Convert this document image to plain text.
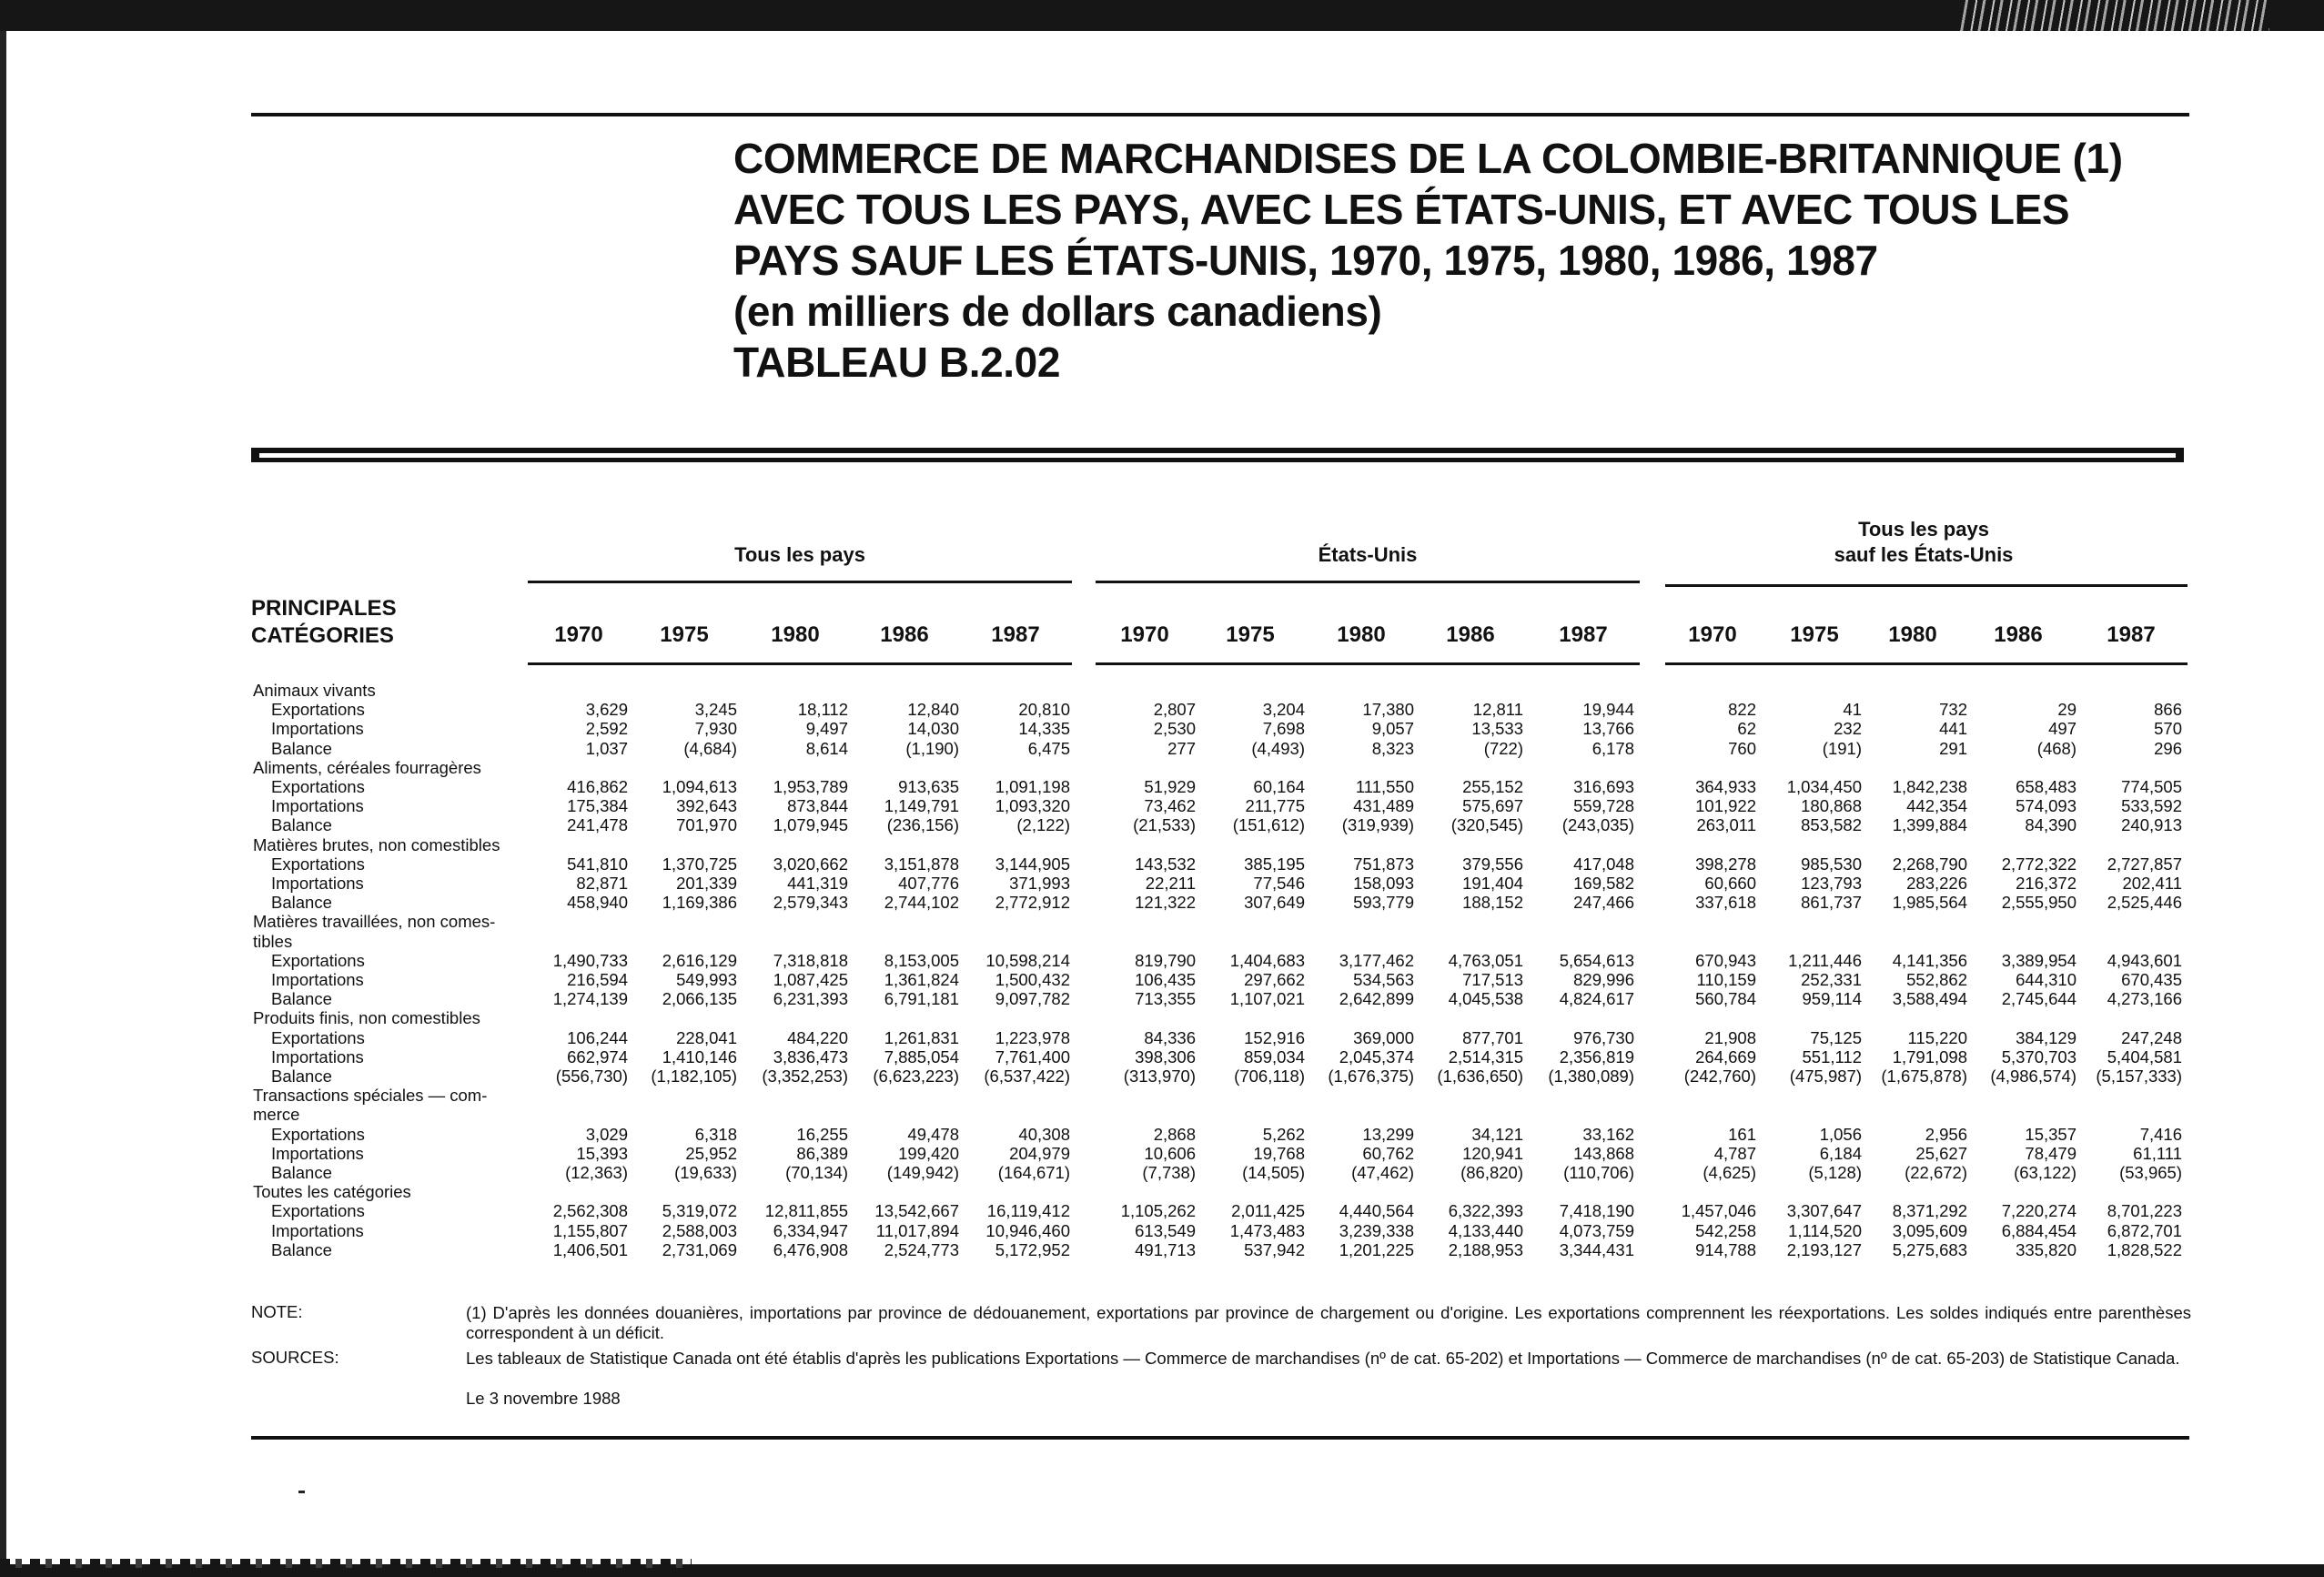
COMMERCE DE MARCHANDISES DE LA COLOMBIE-BRITANNIQUE (1)
AVEC TOUS LES PAYS, AVEC LES ÉTATS-UNIS, ET AVEC TOUS LES
PAYS SAUF LES ÉTATS-UNIS, 1970, 1975, 1980, 1986, 1987
(en milliers de dollars canadiens)
TABLEAU B.2.02
Tous les pays	États-Unis
Tous les pays
sauf les États-Unis
PRINCIPALES
CATÉGORIES	1970	1975	1980	1986	1987	1970	1975	1980	1986	1987	1970	1975	1980	1986	1987
Animaux vivants
Exportations	3,629	3,245	18,112	12,840	20,810	2,807	3,204	17,380	12,811	19,944	822	41	732	29	866
Importations	2,592	7,930	9,497	14,030	14,335	2,530	7,698	9,057	13,533	13,766	62	232	441	497	570
Balance	1,037	(4,684)	8,614	(1,190)	6,475	277	(4,493)	8,323	(722)	6,178	760	(191)	291	(468)	296
Aliments, céréales fourragères
Exportations	416,862	1,094,613	1,953,789	913,635	1,091,198	51,929	60,164	111,550	255,152	316,693	364,933	1,034,450	1,842,238	658,483	774,505
Importations	175,384	392,643	873,844	1,149,791	1,093,320	73,462	211,775	431,489	575,697	559,728	101,922	180,868	442,354	574,093	533,592
Balance	241,478	701,970	1,079,945	(236,156)	(2,122)	(21,533)	(151,612)	(319,939)	(320,545)	(243,035)	263,011	853,582	1,399,884	84,390	240,913
Matières brutes, non comestibles
Exportations	541,810	1,370,725	3,020,662	3,151,878	3,144,905	143,532	385,195	751,873	379,556	417,048	398,278	985,530	2,268,790	2,772,322	2,727,857
Importations	82,871	201,339	441,319	407,776	371,993	22,211	77,546	158,093	191,404	169,582	60,660	123,793	283,226	216,372	202,411
Balance	458,940	1,169,386	2,579,343	2,744,102	2,772,912	121,322	307,649	593,779	188,152	247,466	337,618	861,737	1,985,564	2,555,950	2,525,446
Matières travaillées, non comes-
tibles
Exportations	1,490,733	2,616,129	7,318,818	8,153,005	10,598,214	819,790	1,404,683	3,177,462	4,763,051	5,654,613	670,943	1,211,446	4,141,356	3,389,954	4,943,601
Importations	216,594	549,993	1,087,425	1,361,824	1,500,432	106,435	297,662	534,563	717,513	829,996	110,159	252,331	552,862	644,310	670,435
Balance	1,274,139	2,066,135	6,231,393	6,791,181	9,097,782	713,355	1,107,021	2,642,899	4,045,538	4,824,617	560,784	959,114	3,588,494	2,745,644	4,273,166
Produits finis, non comestibles
Exportations	106,244	228,041	484,220	1,261,831	1,223,978	84,336	152,916	369,000	877,701	976,730	21,908	75,125	115,220	384,129	247,248
Importations	662,974	1,410,146	3,836,473	7,885,054	7,761,400	398,306	859,034	2,045,374	2,514,315	2,356,819	264,669	551,112	1,791,098	5,370,703	5,404,581
Balance	(556,730)	(1,182,105)	(3,352,253)	(6,623,223)	(6,537,422)	(313,970)	(706,118)	(1,676,375)	(1,636,650)	(1,380,089)	(242,760)	(475,987)	(1,675,878)	(4,986,574)	(5,157,333)
Transactions spéciales — com-
merce
Exportations	3,029	6,318	16,255	49,478	40,308	2,868	5,262	13,299	34,121	33,162	161	1,056	2,956	15,357	7,416
Importations	15,393	25,952	86,389	199,420	204,979	10,606	19,768	60,762	120,941	143,868	4,787	6,184	25,627	78,479	61,111
Balance	(12,363)	(19,633)	(70,134)	(149,942)	(164,671)	(7,738)	(14,505)	(47,462)	(86,820)	(110,706)	(4,625)	(5,128)	(22,672)	(63,122)	(53,965)
Toutes les catégories
Exportations	2,562,308	5,319,072	12,811,855	13,542,667	16,119,412	1,105,262	2,011,425	4,440,564	6,322,393	7,418,190	1,457,046	3,307,647	8,371,292	7,220,274	8,701,223
Importations	1,155,807	2,588,003	6,334,947	11,017,894	10,946,460	613,549	1,473,483	3,239,338	4,133,440	4,073,759	542,258	1,114,520	3,095,609	6,884,454	6,872,701
Balance	1,406,501	2,731,069	6,476,908	2,524,773	5,172,952	491,713	537,942	1,201,225	2,188,953	3,344,431	914,788	2,193,127	5,275,683	335,820	1,828,522
NOTE:	(1) D'après les données douanières, importations par province de dédouanement, exportations par province de chargement ou d'origine. Les exportations comprennent les réexportations. Les soldes indiqués entre parenthèses correspondent à un déficit.
SOURCES:	Les tableaux de Statistique Canada ont été établis d'après les publications Exportations — Commerce de marchandises (nº de cat. 65-202) et Importations — Commerce de marchandises (nº de cat. 65-203) de Statistique Canada.
Le 3 novembre 1988
